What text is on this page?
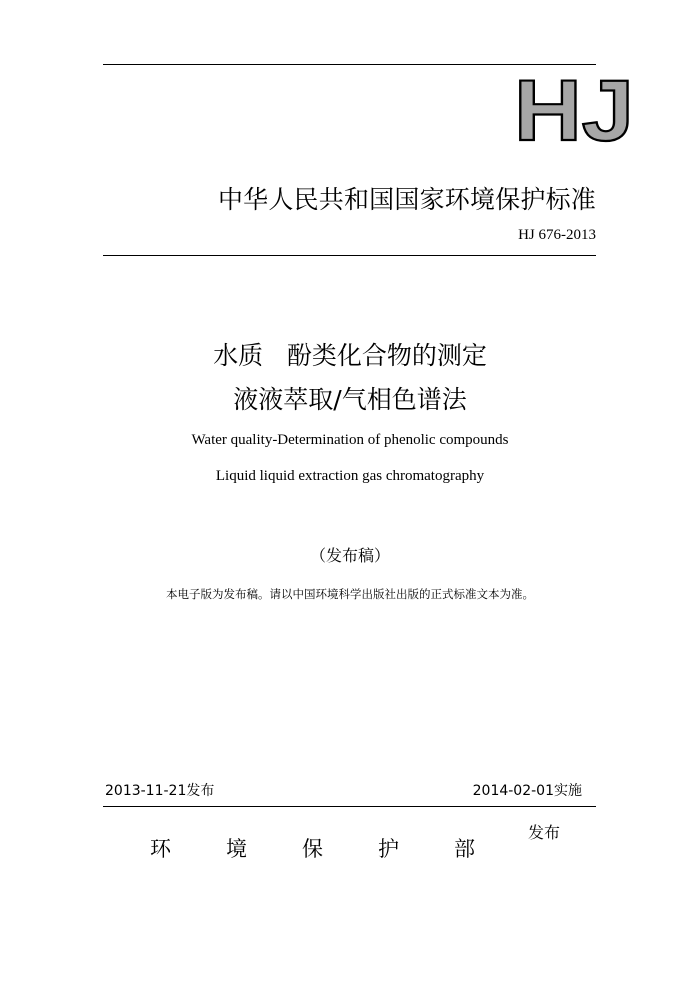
HJ
中华人民共和国国家环境保护标准
HJ 676-2013
水质   酚类化合物的测定
液液萃取/气相色谱法
Water quality-Determination of phenolic compounds
Liquid liquid extraction gas chromatography
（发布稿）
本电子版为发布稿。请以中国环境科学出版社出版的正式标准文本为准。
2013-11-21发布	2014-02-01实施
环	境	保	护	部
发布
